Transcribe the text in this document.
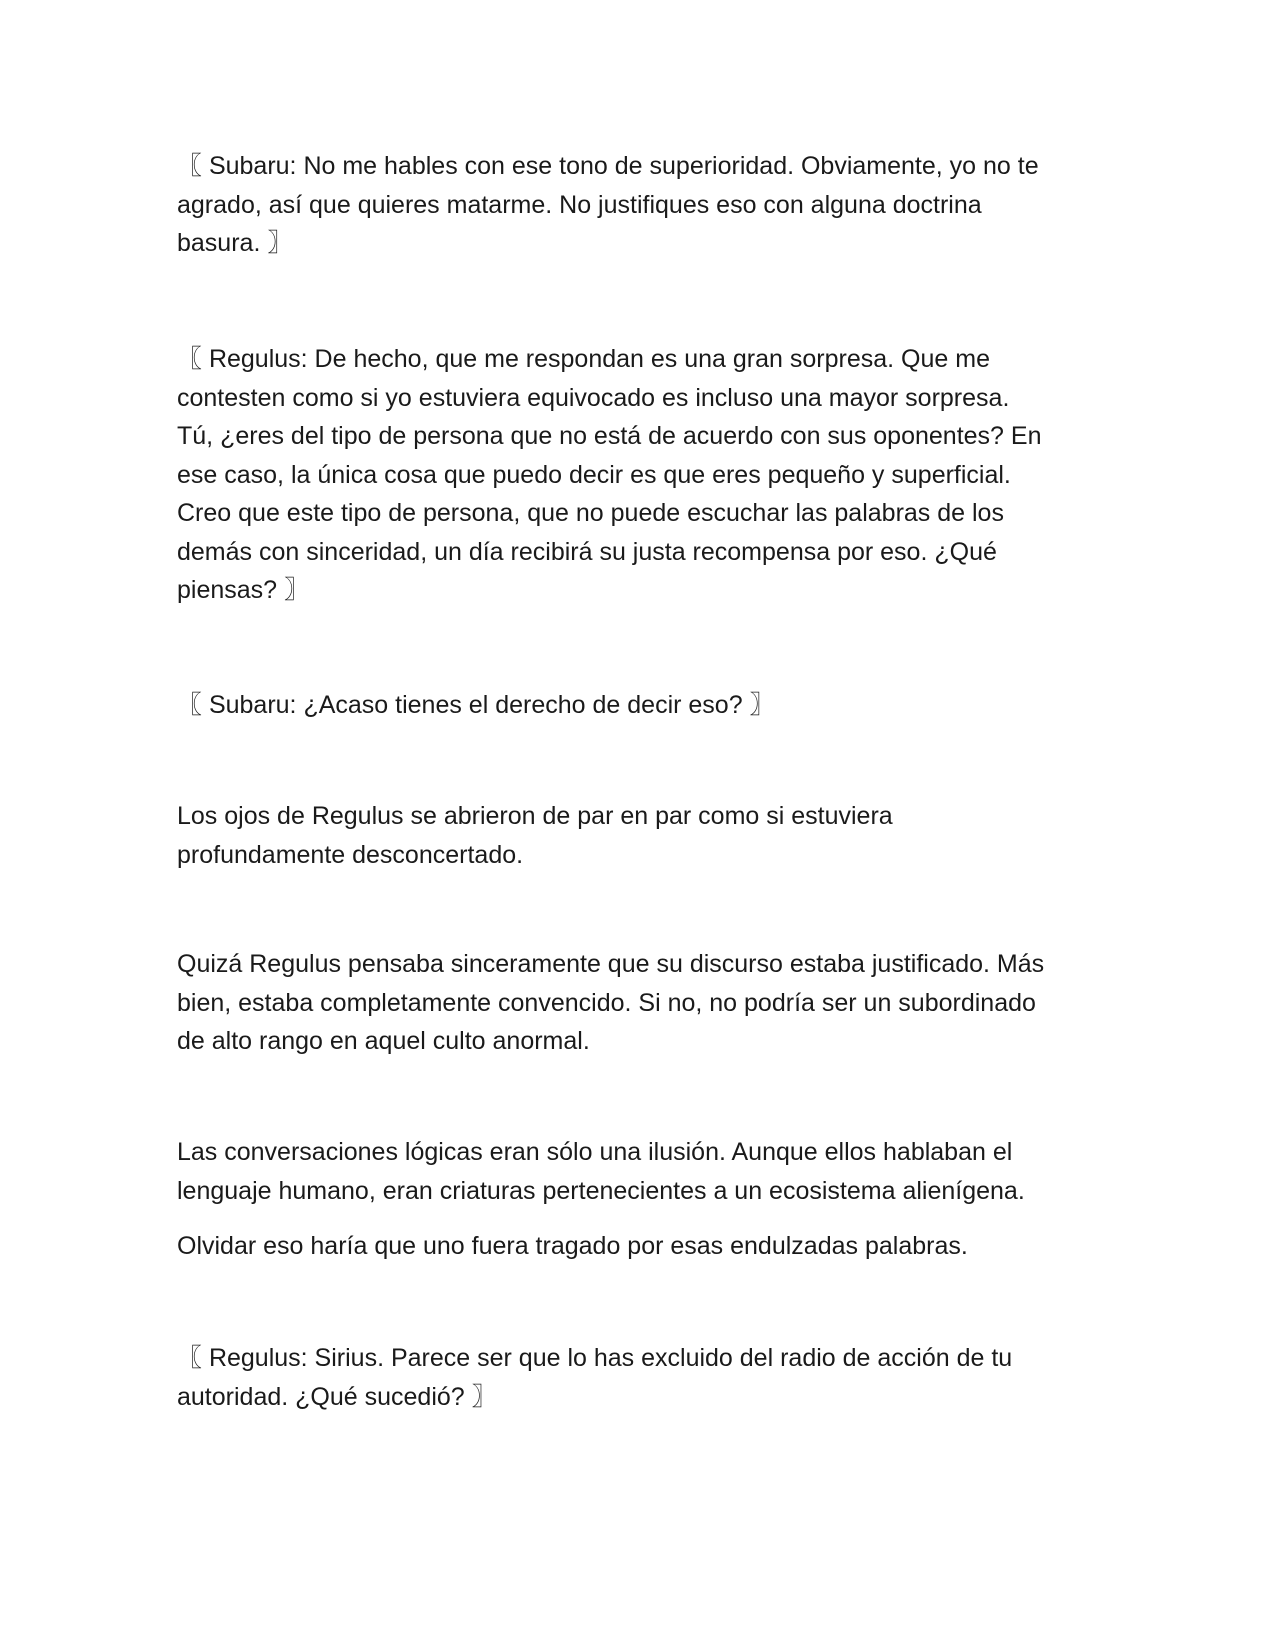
〖 Subaru: No me hables con ese tono de superioridad. Obviamente, yo no te
agrado, así que quieres matarme. No justifiques eso con alguna doctrina
basura. 〗

〖 Regulus: De hecho, que me respondan es una gran sorpresa. Que me
contesten como si yo estuviera equivocado es incluso una mayor sorpresa.
Tú, ¿eres del tipo de persona que no está de acuerdo con sus oponentes? En
ese caso, la única cosa que puedo decir es que eres pequeño y superficial.
Creo que este tipo de persona, que no puede escuchar las palabras de los
demás con sinceridad, un día recibirá su justa recompensa por eso. ¿Qué
piensas? 〗

〖 Subaru: ¿Acaso tienes el derecho de decir eso? 〗

Los ojos de Regulus se abrieron de par en par como si estuviera
profundamente desconcertado.

Quizá Regulus pensaba sinceramente que su discurso estaba justificado. Más
bien, estaba completamente convencido. Si no, no podría ser un subordinado
de alto rango en aquel culto anormal.

Las conversaciones lógicas eran sólo una ilusión. Aunque ellos hablaban el
lenguaje humano, eran criaturas pertenecientes a un ecosistema alienígena.

Olvidar eso haría que uno fuera tragado por esas endulzadas palabras.

〖 Regulus: Sirius. Parece ser que lo has excluido del radio de acción de tu
autoridad. ¿Qué sucedió? 〗
